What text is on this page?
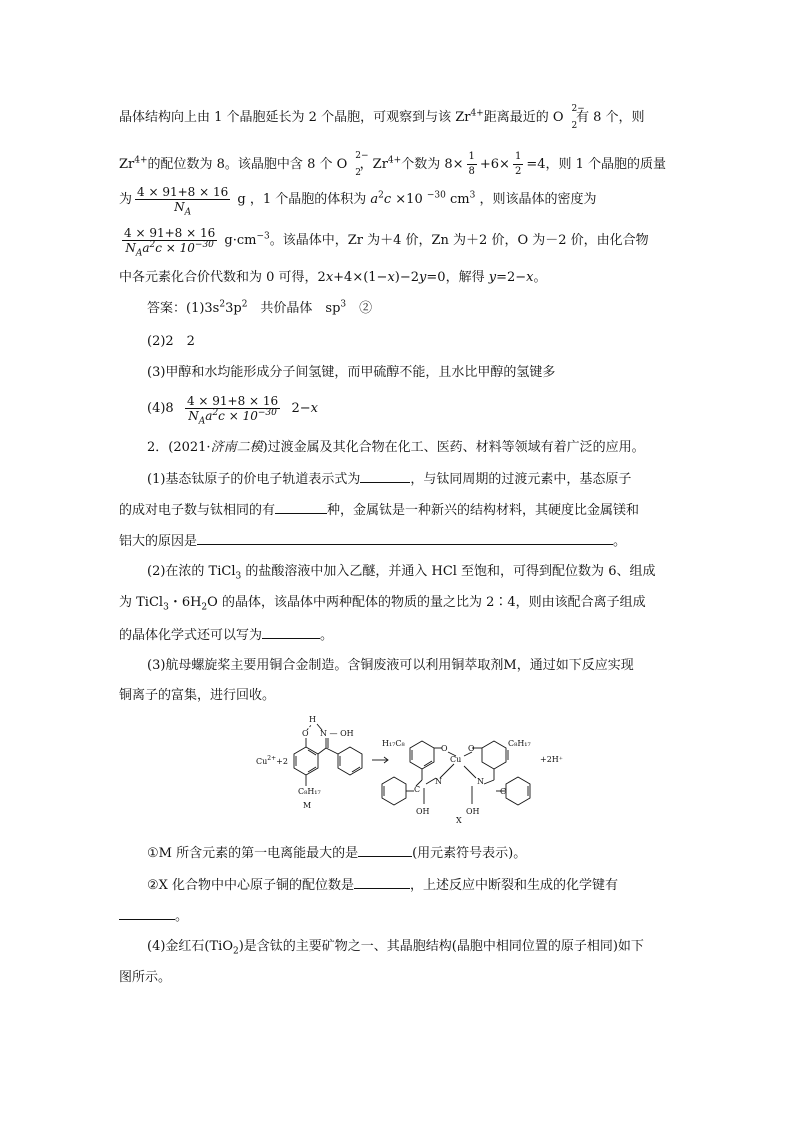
晶体结构向上由 1 个晶胞延长为 2 个晶胞，可观察到与该 $Zr^{4+}$距离最近的 O
2−
2
有 8 个，则
$Zr^{4+}$的配位数为 8。该晶胞中含 8 个 O
2−
2
，$Zr^{4+}$个数为 $8\times \frac{1}{8} +6\times \frac{1}{2} =4$，则 1 个晶胞的质量
为 $\frac{4 \times 91+8 \times 16}{N_A}$ g ，1 个晶胞的体积为 $a^2c \times 10$ $^{-30}$ $cm^3$ ，则该晶体的密度为
$\frac{4 \times 91+8 \times 16}{N_Aa^2c \times 10^{-30}} g\cdot cm^{-3}$。该晶体中，Zr 为＋4 价，Zn 为＋2 价，O 为－2 价，由化合物
中各元素化合价代数和为 0 可得，2x+4×(1−x)−2y=0，解得 y=2−x。
答案：$(1)3s^23p^2$　共价晶体　$sp^3$　②
(2)2　2
(3)甲醇和水均能形成分子间氢键，而甲硫醇不能，且水比甲醇的氢键多
$(4)8 \frac{4 \times 91+8 \times 16}{N_Aa^2c \times 10^{-30}} 2-x$
2．(2021·济南二模)过渡金属及其化合物在化工、医药、材料等领域有着广泛的应用。
(1)基态钛原子的价电子轨道表示式为	，与钛同周期的过渡元素中，基态原子
的成对电子数与钛相同的有	种，金属钛是一种新兴的结构材料，其硬度比金属镁和
铝大的原因是	。
(2)在浓的 TiCl$_3$ 的盐酸溶液中加入乙醚，并通入 HCl 至饱和，可得到配位数为 6、组成
为 TiCl$_3$・$6H_2O$ 的晶体，该晶体中两种配体的物质的量之比为 2∶4，则由该配合离子组成
的晶体化学式还可以写为	。
(3)航母螺旋桨主要用铜合金制造。含铜废液可以利用铜萃取剂M，通过如下反应实现
铜离子的富集，进行回收。
$Cu^{2+}+2$
H
O N — OH
C₈H₁₇
M
H₁₇C₈
O
Cu
O
C₈H₁₇
N	N
C	C
OH	OH
X
+2H⁺
①M 所含元素的第一电离能最大的是	(用元素符号表示)。
②X 化合物中中心原子铜的配位数是	，上述反应中断裂和生成的化学键有
。
(4)金红石(TiO$_2$)是含钛的主要矿物之一、其晶胞结构(晶胞中相同位置的原子相同)如下
图所示。
